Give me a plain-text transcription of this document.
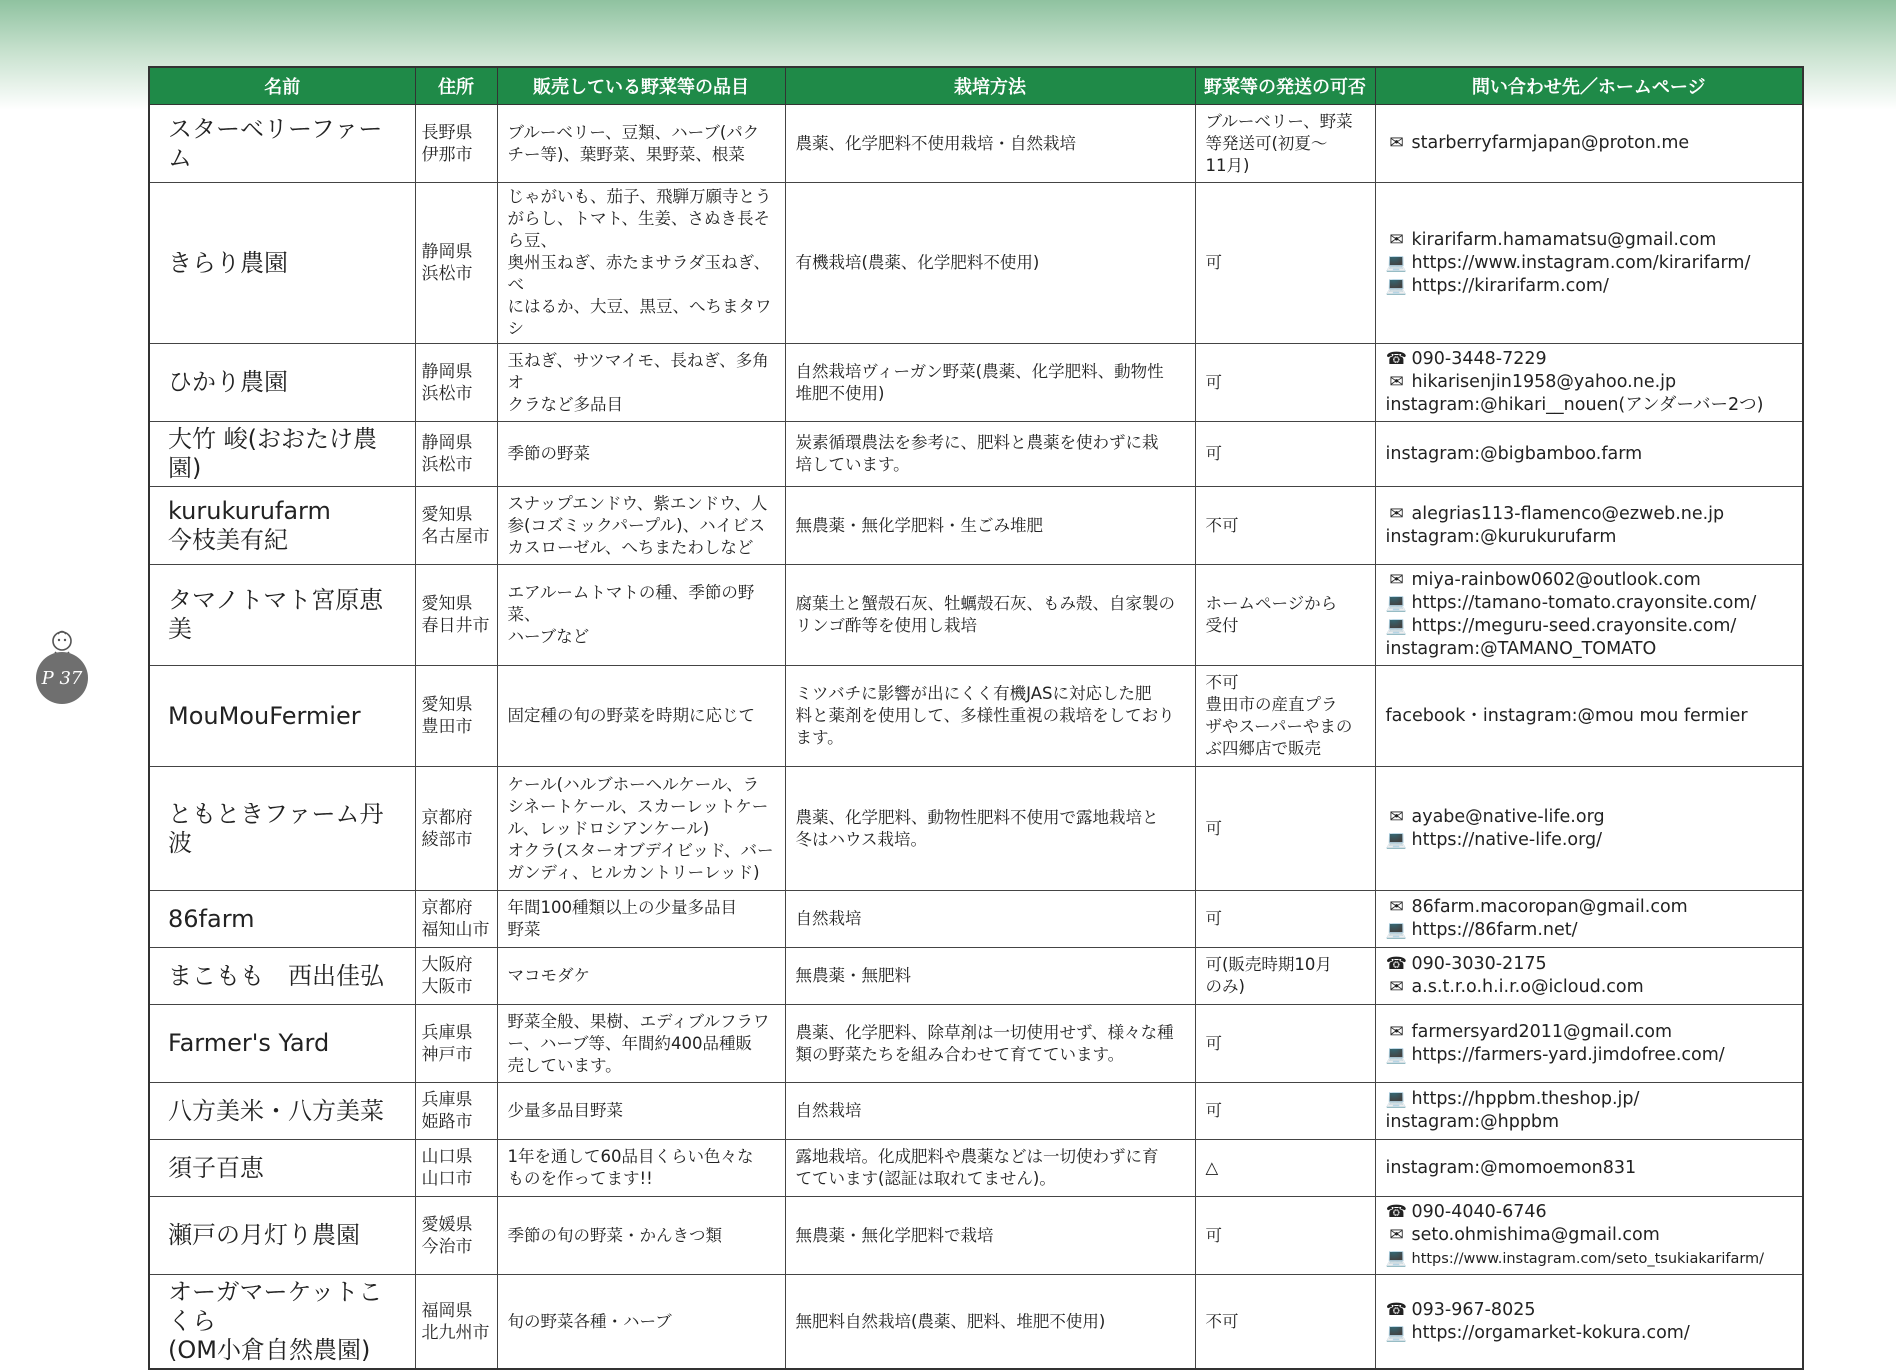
P 37
名前	住所	販売している野菜等の品目	栽培方法	野菜等の発送の可否	問い合わせ先／ホームページ
スターベリーファーム	長野県
伊那市	ブルーベリー、豆類、ハーブ(パク
チー等)、葉野菜、果野菜、根菜	農薬、化学肥料不使用栽培・自然栽培	ブルーベリー、野菜
等発送可(初夏～
11月)	✉ starberryfarmjapan@proton.me

きらり農園	静岡県
浜松市	じゃがいも、茄子、飛騨万願寺とう
がらし、トマト、生姜、さぬき長そら豆、
奥州玉ねぎ、赤たまサラダ玉ねぎ、べ
にはるか、大豆、黒豆、へちまタワシ	有機栽培(農薬、化学肥料不使用)	可	✉ kirarifarm.hamamatsu@gmail.com
💻 https://www.instagram.com/kirarifarm/
💻 https://kirarifarm.com/

ひかり農園	静岡県
浜松市	玉ねぎ、サツマイモ、長ねぎ、多角オ
クラなど多品目	自然栽培ヴィーガン野菜(農薬、化学肥料、動物性
堆肥不使用)	可	☎ 090-3448-7229
✉ hikarisenjin1958@yahoo.ne.jp
instagram:@hikari__nouen(アンダーバー2つ)

大竹 峻(おおたけ農園)	静岡県
浜松市	季節の野菜	炭素循環農法を参考に、肥料と農薬を使わずに栽
培しています。	可	instagram:@bigbamboo.farm

kurukurufarm
今枝美有紀	愛知県
名古屋市	スナップエンドウ、紫エンドウ、人
参(コズミックパープル)、ハイビス
カスローゼル、へちまたわしなど	無農薬・無化学肥料・生ごみ堆肥	不可	✉ alegrias113-flamenco@ezweb.ne.jp
instagram:@kurukurufarm

タマノトマト宮原恵美	愛知県
春日井市	エアルームトマトの種、季節の野菜、
ハーブなど	腐葉土と蟹殻石灰、牡蠣殻石灰、もみ殻、自家製の
リンゴ酢等を使用し栽培	ホームページから
受付	✉ miya-rainbow0602@outlook.com
💻 https://tamano-tomato.crayonsite.com/
💻 https://meguru-seed.crayonsite.com/
instagram:@TAMANO_TOMATO

MouMouFermier	愛知県
豊田市	固定種の旬の野菜を時期に応じて	ミツバチに影響が出にくく有機JASに対応した肥
料と薬剤を使用して、多様性重視の栽培をしており
ます。	不可
豊田市の産直プラ
ザやスーパーやまの
ぶ四郷店で販売	facebook・instagram:@mou mou fermier

ともときファーム丹波	京都府
綾部市	ケール(ハルブホーヘルケール、ラ
シネートケール、スカーレットケー
ル、レッドロシアンケール)
オクラ(スターオブデイビッド、バー
ガンディ、ヒルカントリーレッド)	農薬、化学肥料、動物性肥料不使用で露地栽培と
冬はハウス栽培。	可	✉ ayabe@native-life.org
💻 https://native-life.org/

86farm	京都府
福知山市	年間100種類以上の少量多品目
野菜	自然栽培	可	✉ 86farm.macoropan@gmail.com
💻 https://86farm.net/

まこもも　西出佳弘	大阪府
大阪市	マコモダケ	無農薬・無肥料	可(販売時期10月
のみ)	☎ 090-3030-2175
✉ a.s.t.r.o.h.i.r.o@icloud.com

Farmer's Yard	兵庫県
神戸市	野菜全般、果樹、エディブルフラワ
ー、ハーブ等、年間約400品種販
売しています。	農薬、化学肥料、除草剤は一切使用せず、様々な種
類の野菜たちを組み合わせて育てています。	可	✉ farmersyard2011@gmail.com
💻 https://farmers-yard.jimdofree.com/

八方美米・八方美菜	兵庫県
姫路市	少量多品目野菜	自然栽培	可	💻 https://hppbm.theshop.jp/
instagram:@hppbm

須子百恵	山口県
山口市	1年を通して60品目くらい色々な
ものを作ってます!!	露地栽培。化成肥料や農薬などは一切使わずに育
てています(認証は取れてません)。	△	instagram:@momoemon831

瀬戸の月灯り農園	愛媛県
今治市	季節の旬の野菜・かんきつ類	無農薬・無化学肥料で栽培	可	☎ 090-4040-6746
✉ seto.ohmishima@gmail.com
💻 https://www.instagram.com/seto_tsukiakarifarm/

オーガマーケットこくら
(OM小倉自然農園)	福岡県
北九州市	旬の野菜各種・ハーブ	無肥料自然栽培(農薬、肥料、堆肥不使用)	不可	☎ 093-967-8025
💻 https://orgamarket-kokura.com/
